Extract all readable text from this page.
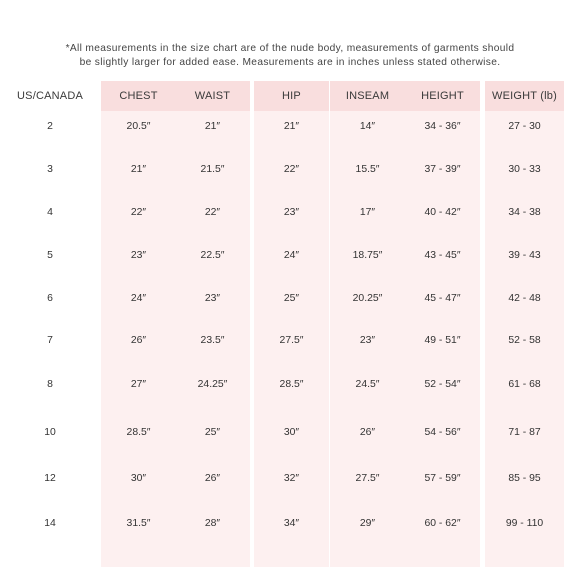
*All measurements in the size chart are of the nude body, measurements of garments should
be slightly larger for added ease. Measurements are in inches unless stated otherwise.
US/CANADA
2
3
4
5
6
7
8
10
12
14
CHEST
20.5″
21″
22″
23″
24″
26″
27″
28.5″
30″
31.5″
WAIST
21″
21.5″
22″
22.5″
23″
23.5″
24.25″
25″
26″
28″
HIP
21″
22″
23″
24″
25″
27.5″
28.5″
30″
32″
34″
INSEAM
14″
15.5″
17″
18.75″
20.25″
23″
24.5″
26″
27.5″
29″
HEIGHT
34 - 36″
37 - 39″
40 - 42″
43 - 45″
45 - 47″
49 - 51″
52 - 54″
54 - 56″
57 - 59″
60 - 62″
WEIGHT (lb)
27 - 30
30 - 33
34 - 38
39 - 43
42 - 48
52 - 58
61 - 68
71 - 87
85 - 95
99 - 110
